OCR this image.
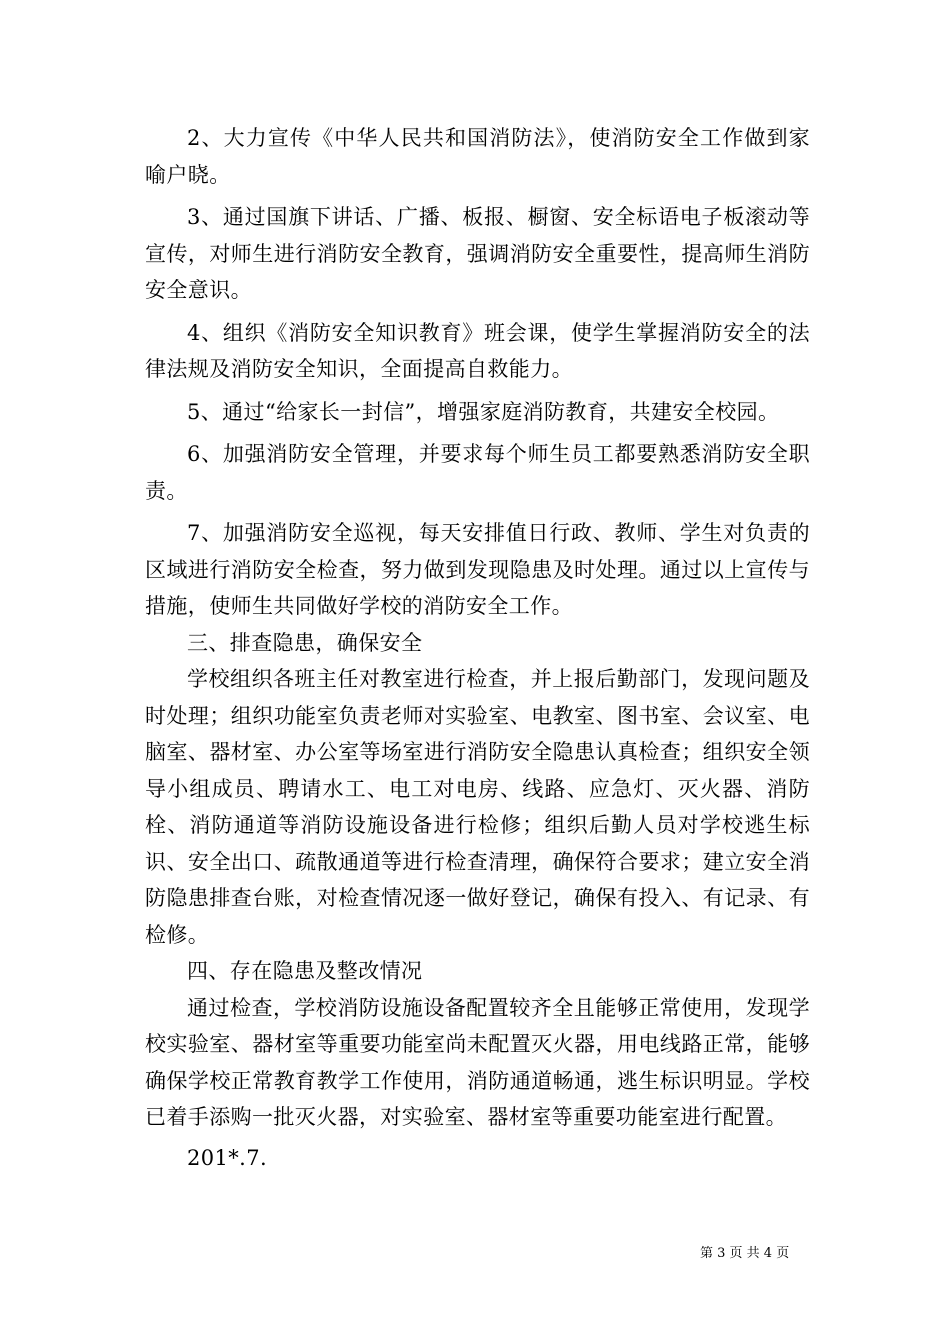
2、大力宣传《中华人民共和国消防法》，使消防安全工作做到家喻户晓。

3、通过国旗下讲话、广播、板报、橱窗、安全标语电子板滚动等宣传，对师生进行消防安全教育，强调消防安全重要性，提高师生消防安全意识。

4、组织《消防安全知识教育》班会课，使学生掌握消防安全的法律法规及消防安全知识，全面提高自救能力。

5、通过“给家长一封信”，增强家庭消防教育，共建安全校园。

6、加强消防安全管理，并要求每个师生员工都要熟悉消防安全职责。

7、加强消防安全巡视，每天安排值日行政、教师、学生对负责的区域进行消防安全检查，努力做到发现隐患及时处理。通过以上宣传与措施，使师生共同做好学校的消防安全工作。

三、排查隐患，确保安全

学校组织各班主任对教室进行检查，并上报后勤部门，发现问题及时处理；组织功能室负责老师对实验室、电教室、图书室、会议室、电脑室、器材室、办公室等场室进行消防安全隐患认真检查；组织安全领导小组成员、聘请水工、电工对电房、线路、应急灯、灭火器、消防栓、消防通道等消防设施设备进行检修；组织后勤人员对学校逃生标识、安全出口、疏散通道等进行检查清理，确保符合要求；建立安全消防隐患排查台账，对检查情况逐一做好登记，确保有投入、有记录、有检修。

四、存在隐患及整改情况

通过检查，学校消防设施设备配置较齐全且能够正常使用，发现学校实验室、器材室等重要功能室尚未配置灭火器，用电线路正常，能够确保学校正常教育教学工作使用，消防通道畅通，逃生标识明显。学校已着手添购一批灭火器，对实验室、器材室等重要功能室进行配置。

201*.7.

第 3 页 共 4 页
